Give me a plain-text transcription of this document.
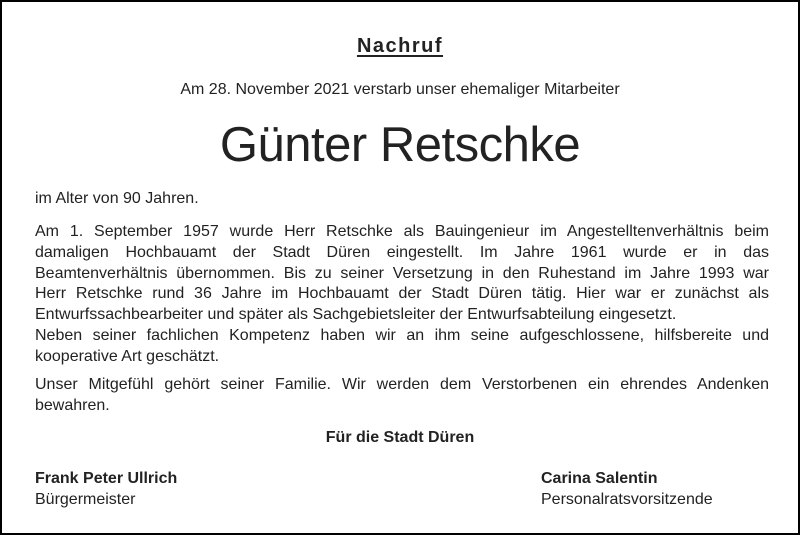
Nachruf
Am 28. November 2021 verstarb unser ehemaliger Mitarbeiter
Günter Retschke
im Alter von 90 Jahren.

Am 1. September 1957 wurde Herr Retschke als Bauingenieur im Angestelltenverhältnis beim
damaligen Hochbauamt der Stadt Düren eingestellt. Im Jahre 1961 wurde er in das
Beamtenverhältnis übernommen. Bis zu seiner Versetzung in den Ruhestand im Jahre 1993 war
Herr Retschke rund 36 Jahre im Hochbauamt der Stadt Düren tätig. Hier war er zunächst als
Entwurfssachbearbeiter und später als Sachgebietsleiter der Entwurfsabteilung eingesetzt.
Neben seiner fachlichen Kompetenz haben wir an ihm seine aufgeschlossene, hilfsbereite und
kooperative Art geschätzt.

Unser Mitgefühl gehört seiner Familie. Wir werden dem Verstorbenen ein ehrendes Andenken
bewahren.

Für die Stadt Düren
Frank Peter Ullrich
Bürgermeister
Carina Salentin
Personalratsvorsitzende
